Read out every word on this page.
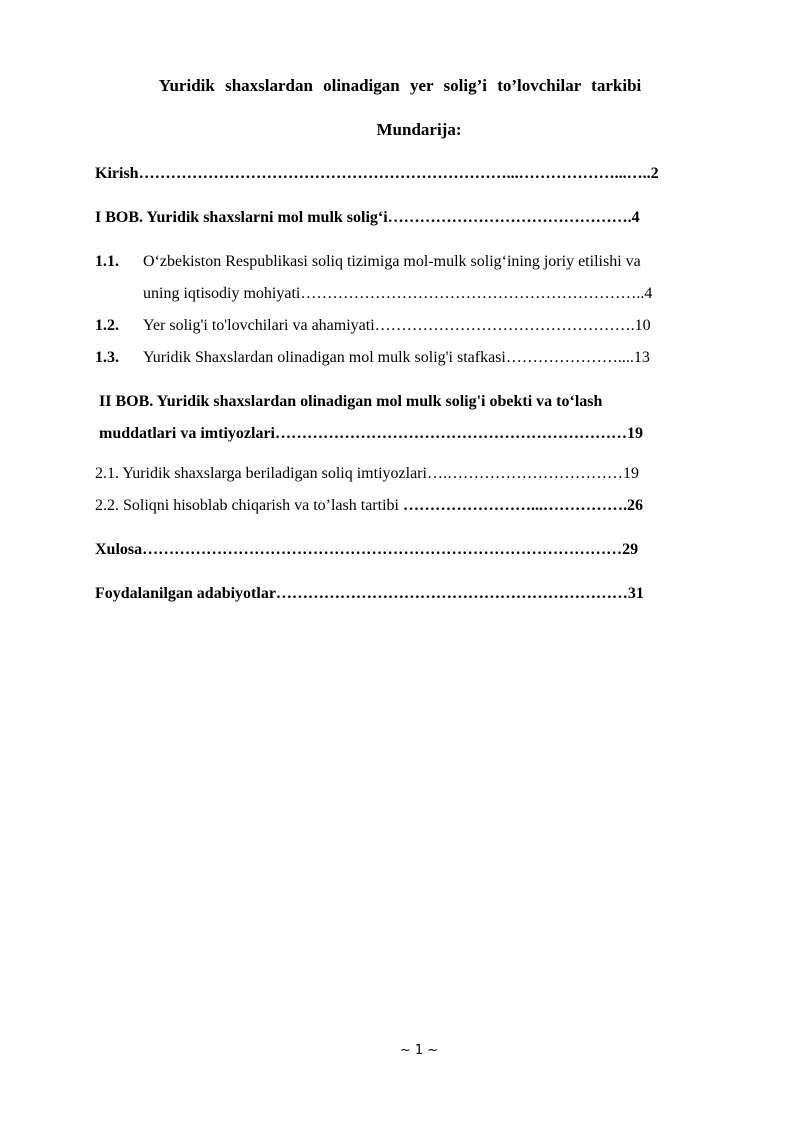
Yuridik shaxslardan olinadigan yer solig’i to’lovchilar tarkibi
Mundarija:
Kirish……………………………………………………………...………………...…..2
I BOB. Yuridik shaxslarni mol mulk solig‘i……………………………………….4
1.1. O‘zbekiston Respublikasi soliq tizimiga mol-mulk solig‘ining joriy etilishi va
uning iqtisodiy mohiyati………………………………………………………..4
1.2. Yer solig'i to'lovchilari va ahamiyati………………………………………….10
1.3. Yuridik Shaxslardan olinadigan mol mulk solig'i stafkasi…………………....13
II BOB. Yuridik shaxslardan olinadigan mol mulk solig'i obekti va to‘lash
muddatlari va imtiyozlari…………………………………………………………19
2.1. Yuridik shaxslarga beriladigan soliq imtiyozlari….……………………………19
2.2. Soliqni hisoblab chiqarish va to’lash tartibi ……………………...…………….26
Xulosa………………………………………………………………………………29
Foydalanilgan adabiyotlar…………………………………………………………31
~ 1 ~
